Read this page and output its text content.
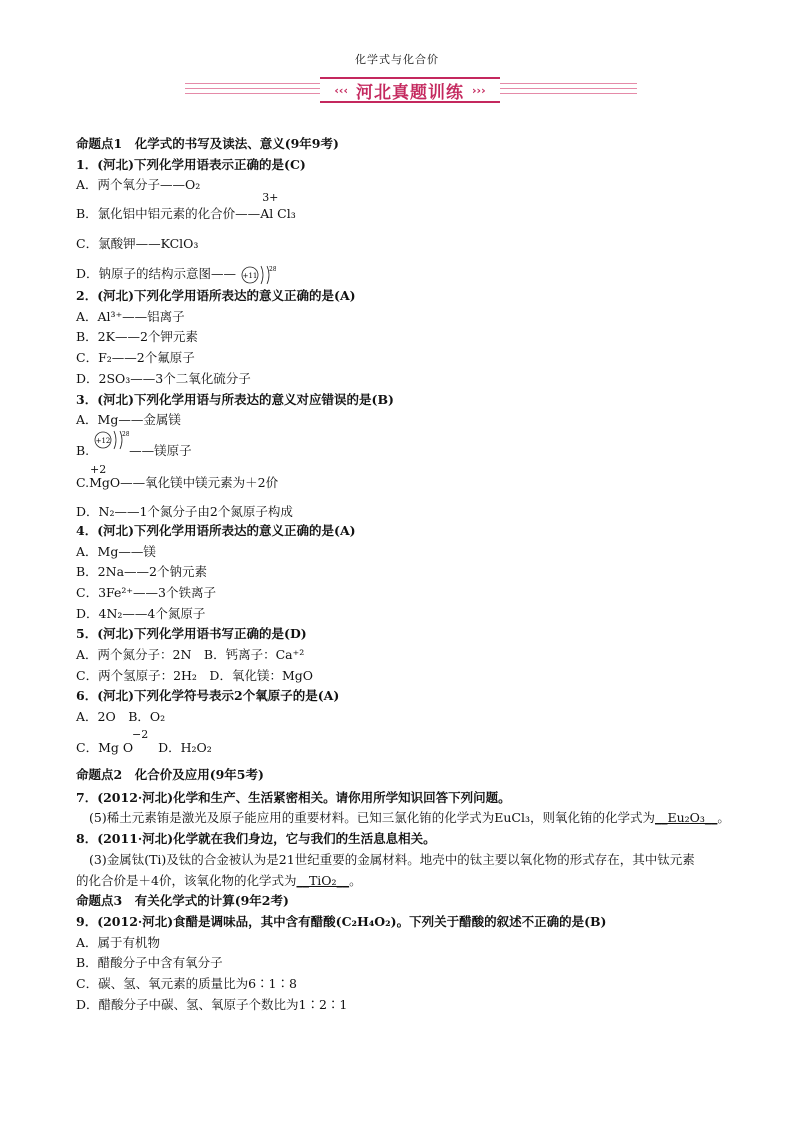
化学式与化合价
‹‹‹ 河北真题训练 ›››
命题点1　化学式的书写及读法、意义(9年9考)
1．(河北)下列化学用语表示正确的是(C)
A．两个氧分子——O₂
B．氯化铝中铝元素的化合价——
3+
Al Cl₃
C．氯酸钾——KClO₃
D．钠原子的结构示意图—— +11
28
2．(河北)下列化学用语所表达的意义正确的是(A)
A．Al³⁺——铝离子
B．2K——2个钾元素
C．F₂——2个氟原子
D．2SO₃——3个二氧化硫分子
3．(河北)下列化学用语与所表达的意义对应错误的是(B)
A．Mg——金属镁
B.
+12
28
——镁原子
+2
C.MgO——氧化镁中镁元素为＋2价
D．N₂——1个氮分子由2个氮原子构成
4．(河北)下列化学用语所表达的意义正确的是(A)
A．Mg——镁
B．2Na——2个钠元素
C．3Fe²⁺——3个铁离子
D．4N₂——4个氮原子
5．(河北)下列化学用语书写正确的是(D)
A．两个氮分子：2N　B．钙离子：Ca⁺²
C．两个氢原子：2H₂　D．氧化镁：MgO
6．(河北)下列化学符号表示2个氧原子的是(A)
A．2O　B．O₂
−2
C．Mg O　　D．H₂O₂
命题点2　化合价及应用(9年5考)
7．(2012·河北)化学和生产、生活紧密相关。请你用所学知识回答下列问题。
(5)稀土元素铕是激光及原子能应用的重要材料。已知三氯化铕的化学式为EuCl₃，则氧化铕的化学式为__Eu₂O₃__。
8．(2011·河北)化学就在我们身边，它与我们的生活息息相关。
(3)金属钛(Ti)及钛的合金被认为是21世纪重要的金属材料。地壳中的钛主要以氧化物的形式存在，其中钛元素
的化合价是＋4价，该氧化物的化学式为__TiO₂__。
命题点3　有关化学式的计算(9年2考)
9．(2012·河北)食醋是调味品，其中含有醋酸(C₂H₄O₂)。下列关于醋酸的叙述不正确的是(B)
A．属于有机物
B．醋酸分子中含有氧分子
C．碳、氢、氧元素的质量比为6∶1∶8
D．醋酸分子中碳、氢、氧原子个数比为1∶2∶1
